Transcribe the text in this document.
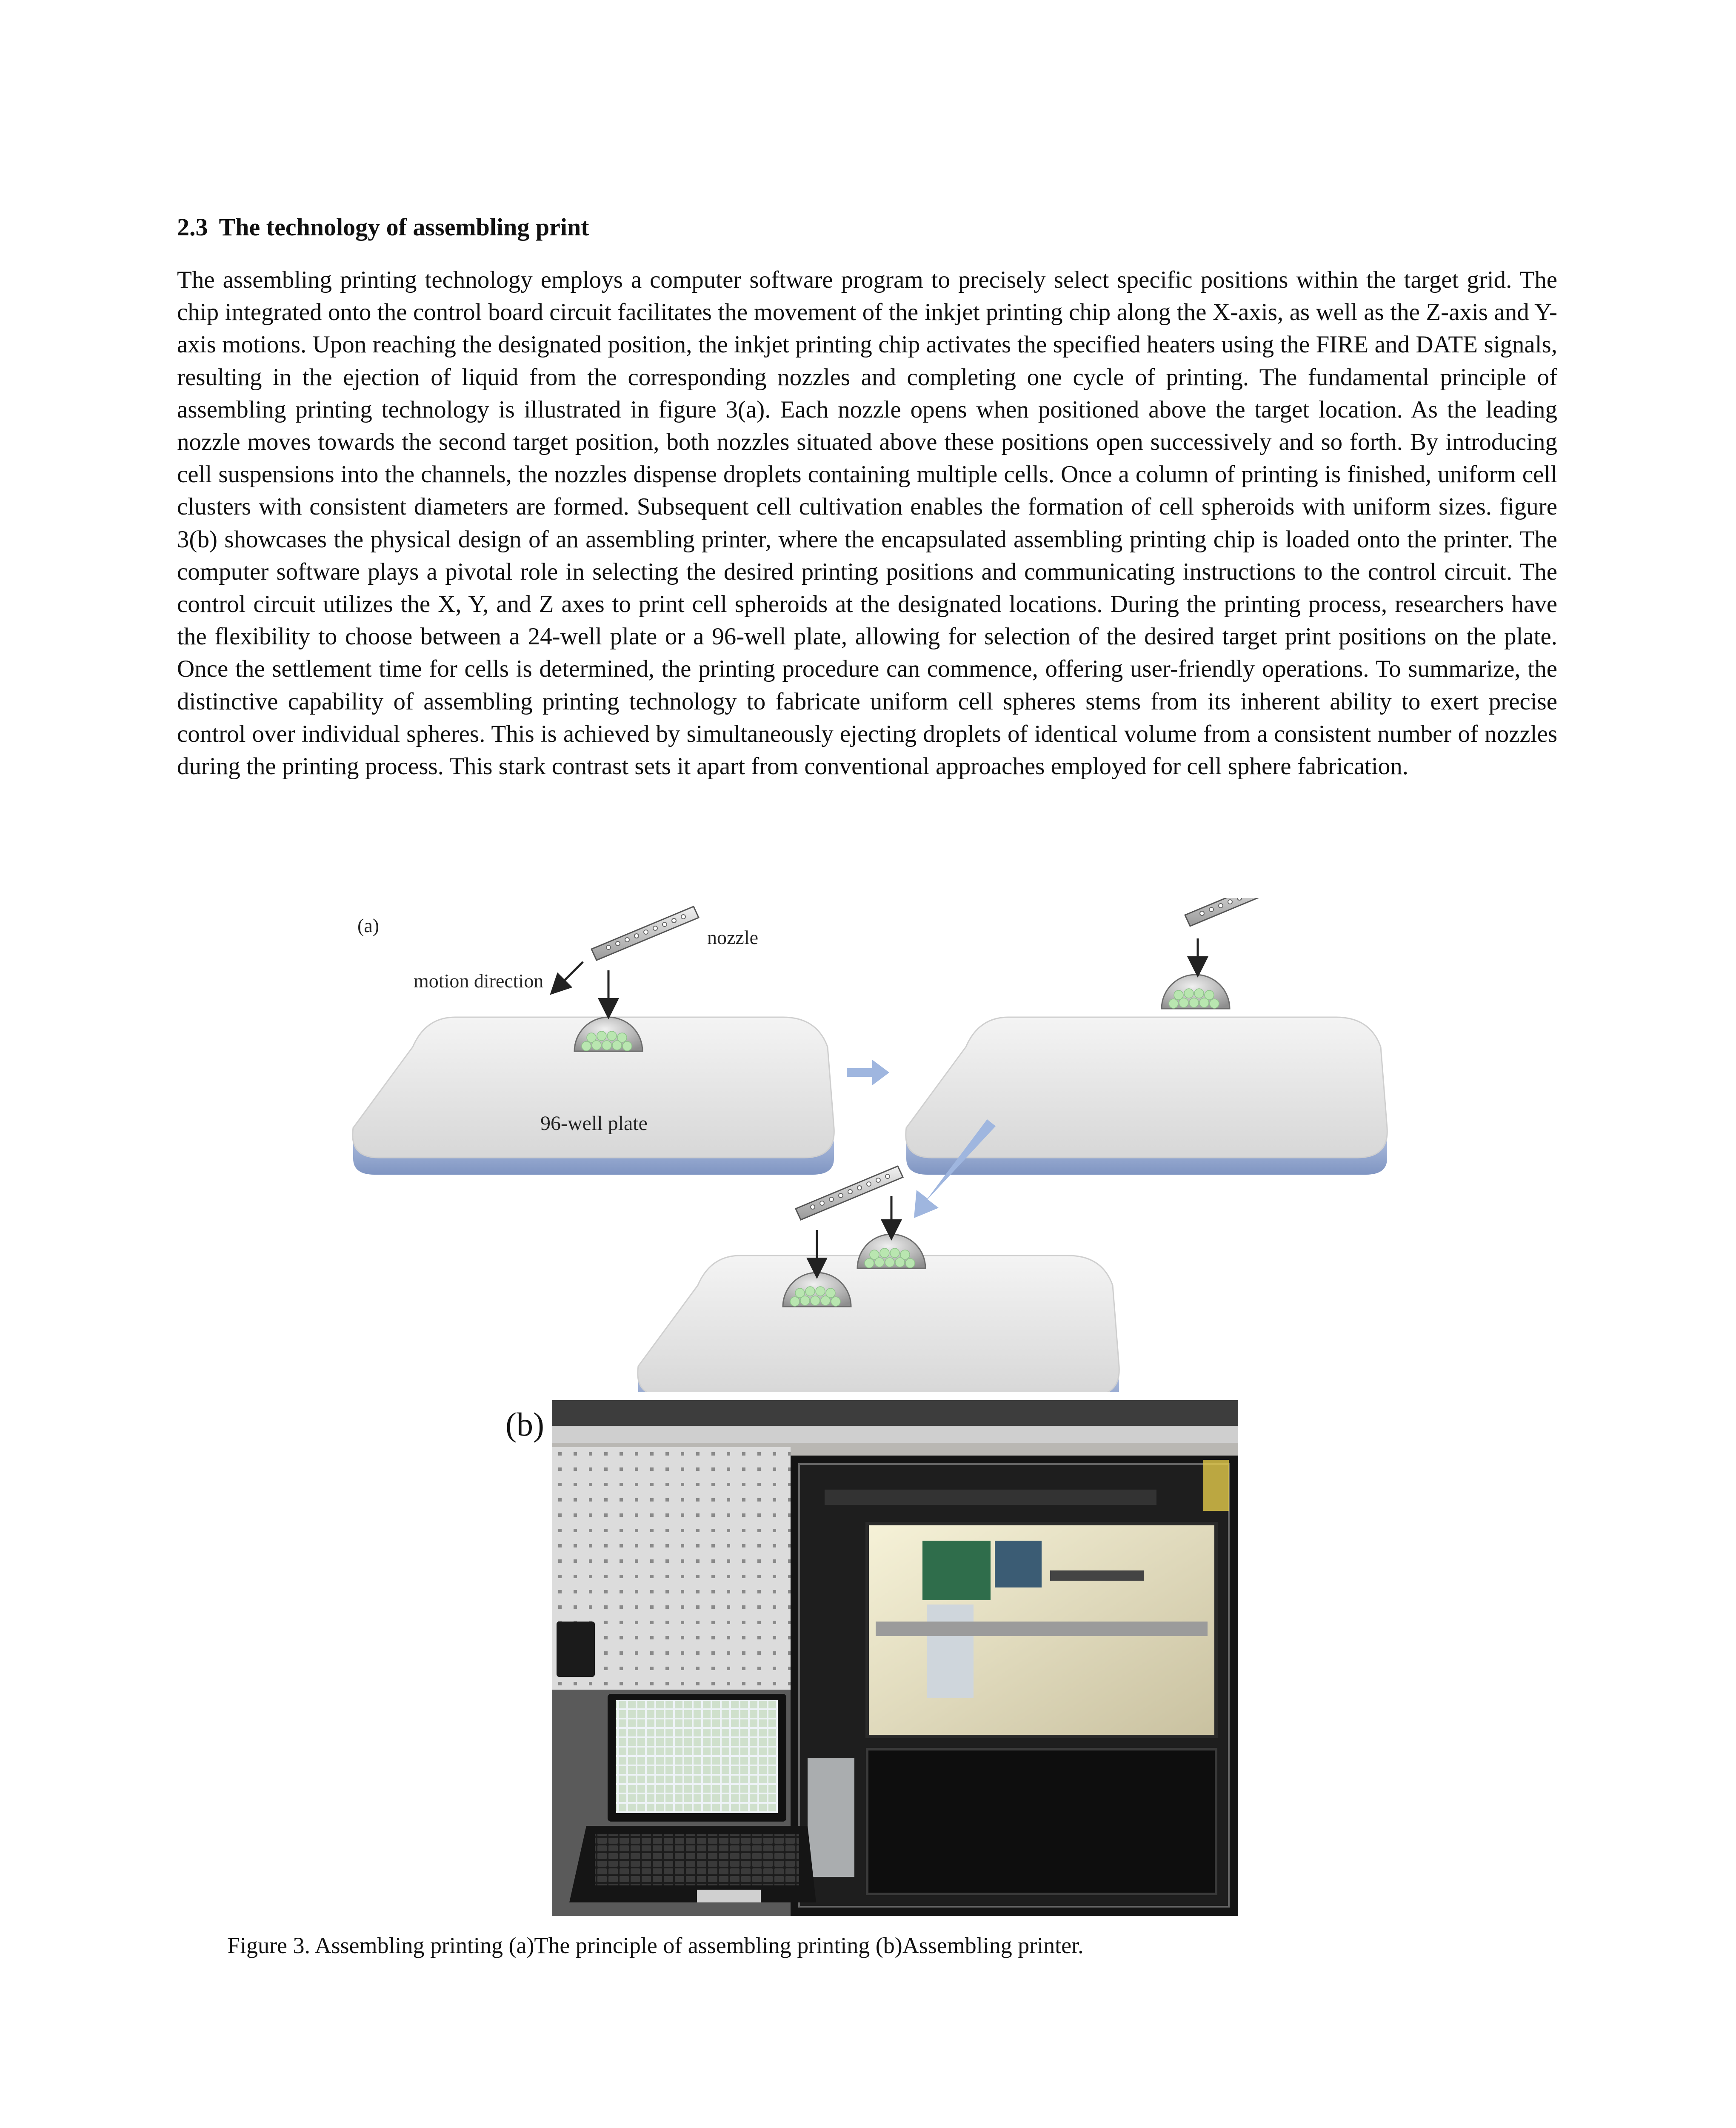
2.3 The technology of assembling print

The assembling printing technology employs a computer software program to precisely select specific positions within the target grid. The chip integrated onto the control board circuit facilitates the movement of the inkjet printing chip along the X-axis, as well as the Z-axis and Y-axis motions. Upon reaching the designated position, the inkjet printing chip activates the specified heaters using the FIRE and DATE signals, resulting in the ejection of liquid from the corresponding nozzles and completing one cycle of printing. The fundamental principle of assembling printing technology is illustrated in figure 3(a). Each nozzle opens when positioned above the target location. As the leading nozzle moves towards the second target position, both nozzles situated above these positions open successively and so forth. By introducing cell suspensions into the channels, the nozzles dispense droplets containing multiple cells. Once a column of printing is finished, uniform cell clusters with consistent diameters are formed. Subsequent cell cultivation enables the formation of cell spheroids with uniform sizes. figure 3(b) showcases the physical design of an assembling printer, where the encapsulated assembling printing chip is loaded onto the printer. The computer software plays a pivotal role in selecting the desired printing positions and communicating instructions to the control circuit. The control circuit utilizes the X, Y, and Z axes to print cell spheroids at the designated locations. During the printing process, researchers have the flexibility to choose between a 24-well plate or a 96-well plate, allowing for selection of the desired target print positions on the plate. Once the settlement time for cells is determined, the printing procedure can commence, offering user-friendly operations. To summarize, the distinctive capability of assembling printing technology to fabricate uniform cell spheres stems from its inherent ability to exert precise control over individual spheres. This is achieved by simultaneously ejecting droplets of identical volume from a consistent number of nozzles during the printing process. This stark contrast sets it apart from conventional approaches employed for cell sphere fabrication.

(a)
nozzle
motion direction
96-well plate
(b)
Figure 3. Assembling printing (a)The principle of assembling printing (b)Assembling printer.
